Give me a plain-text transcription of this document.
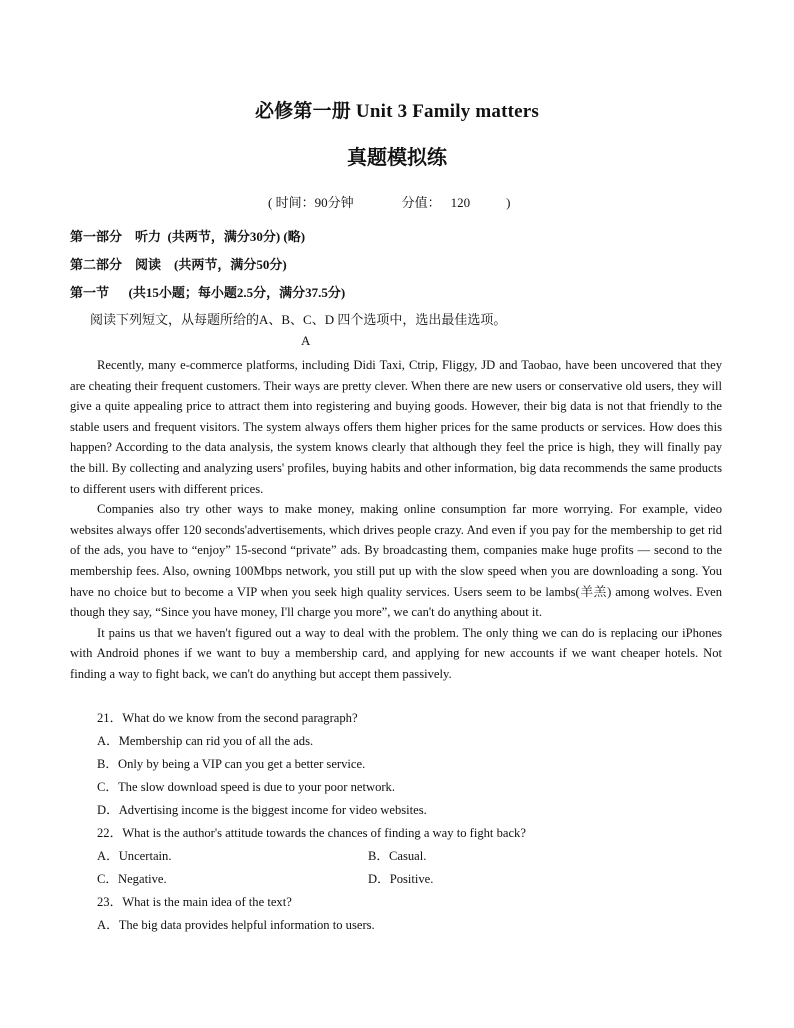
必修第一册 Unit 3 Family matters
真题模拟练
( 时间：90分钟	分值： 120	)
第一部分    听力  (共两节，满分30分) (略)
第二部分    阅读    (共两节，满分50分)
第一节      (共15小题；每小题2.5分，满分37.5分)
阅读下列短文，从每题所给的A、B、C、D 四个选项中，选出最佳选项。
A

Recently, many e-commerce platforms, including Didi Taxi, Ctrip, Fliggy, JD and Taobao, have been uncovered that they are cheating their frequent customers. Their ways are pretty clever. When there are new users or conservative old users, they will give a quite appealing price to attract them into registering and buying goods. However, their big data is not that friendly to the stable users and frequent visitors. The system always offers them higher prices for the same products or services. How does this happen? According to the data analysis, the system knows clearly that although they feel the price is high, they will finally pay the bill. By collecting and analyzing users' profiles, buying habits and other information, big data recommends the same products to different users with different prices.

Companies also try other ways to make money, making online consumption far more worrying. For example, video websites always offer 120 seconds'advertisements, which drives people crazy. And even if you pay for the membership to get rid of the ads, you have to “enjoy” 15-second “private” ads. By broadcasting them, companies make huge profits — second to the membership fees. Also, owning 100Mbps network, you still put up with the slow speed when you are downloading a song. You have no choice but to become a VIP when you seek high quality services. Users seem to be lambs(羊羔) among wolves. Even though they say, “Since you have money, I'll charge you more”, we can't do anything about it.

It pains us that we haven't figured out a way to deal with the problem. The only thing we can do is replacing our iPhones with Android phones if we want to buy a membership card, and applying for new accounts if we want cheaper hotels. Not finding a way to fight back, we can't do anything but accept them passively.

21．What do we know from the second paragraph?
A．Membership can rid you of all the ads.
B．Only by being a VIP can you get a better service.
C．The slow download speed is due to your poor network.
D．Advertising income is the biggest income for video websites.
22．What is the author's attitude towards the chances of finding a way to fight back?
A．Uncertain.	B．Casual.
C．Negative.	D．Positive.
23．What is the main idea of the text?
A．The big data provides helpful information to users.
